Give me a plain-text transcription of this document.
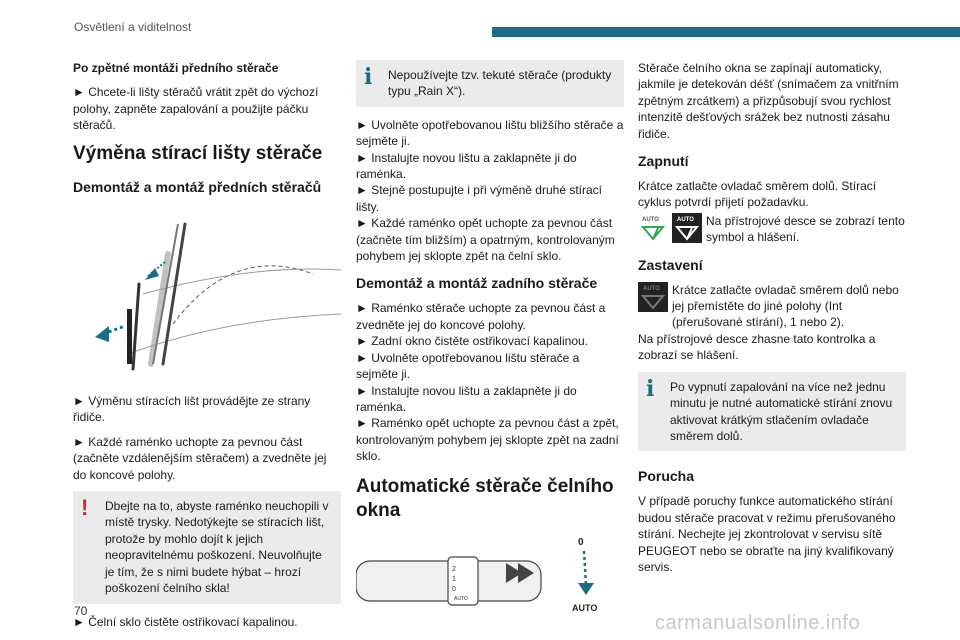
Osvětlení a viditelnost
Po zpětné montáži předního stěrače

► Chcete-li lišty stěračů vrátit zpět do výchozí polohy, zapněte zapalování a použijte páčku stěračů.

Výměna stírací lišty stěrače
Demontáž a montáž předních stěračů

► Výměnu stíracích lišt provádějte ze strany řidiče.

► Každé raménko uchopte za pevnou část (začněte vzdálenějším stěračem) a zvedněte jej do koncové polohy.

! Dbejte na to, abyste raménko neuchopili v místě trysky. Nedotýkejte se stíracích lišt, protože by mohlo dojít k jejich neopravitelnému poškození. Neuvolňujte je tím, že s nimi budete hýbat – hrozí poškození čelního skla!

► Čelní sklo čistěte ostřikovací kapalinou.

i Nepoužívejte tzv. tekuté stěrače (produkty typu „Rain X“).

► Uvolněte opotřebovanou lištu bližšího stěrače a sejměte ji.

► Instalujte novou lištu a zaklapněte ji do raménka.

► Stejně postupujte i při výměně druhé stírací lišty.

► Každé raménko opět uchopte za pevnou část (začněte tím bližším) a opatrným, kontrolovaným pohybem jej sklopte zpět na čelní sklo.

Demontáž a montáž zadního stěrače

► Raménko stěrače uchopte za pevnou část a zvedněte jej do koncové polohy.

► Zadní okno čistěte ostřikovací kapalinou.

► Uvolněte opotřebovanou lištu stěrače a sejměte ji.

► Instalujte novou lištu a zaklapněte ji do raménka.

► Raménko opět uchopte za pevnou část a zpět, kontrolovaným pohybem jej sklopte zpět na zadní sklo.

Automatické stěrače čelního okna
2
1
0
AUTO
0
AUTO

Stěrače čelního okna se zapínají automaticky, jakmile je detekován déšť (snímačem za vnitřním zpětným zrcátkem) a přizpůsobují svou rychlost intenzitě dešťových srážek bez nutnosti zásahu řidiče.

Zapnutí

Krátce zatlačte ovladač směrem dolů. Stírací cyklus potvrdí přijetí požadavku.

AUTO	AUTO Na přístrojové desce se zobrazí tento symbol a hlášení.
Zastavení
AUTO Krátce zatlačte ovladač směrem dolů nebo jej přemístěte do jiné polohy (Int (přerušované stírání), 1 nebo 2).

Na přístrojové desce zhasne tato kontrolka a zobrazí se hlášení.

i Po vypnutí zapalování na více než jednu minutu je nutné automatické stírání znovu aktivovat krátkým stlačením ovladače směrem dolů.
Porucha

V případě poruchy funkce automatického stírání budou stěrače pracovat v režimu přerušovaného stírání. Nechejte jej zkontrolovat v servisu sítě PEUGEOT nebo se obraťte na jiný kvalifikovaný servis.

70
carmanualsonline.info
